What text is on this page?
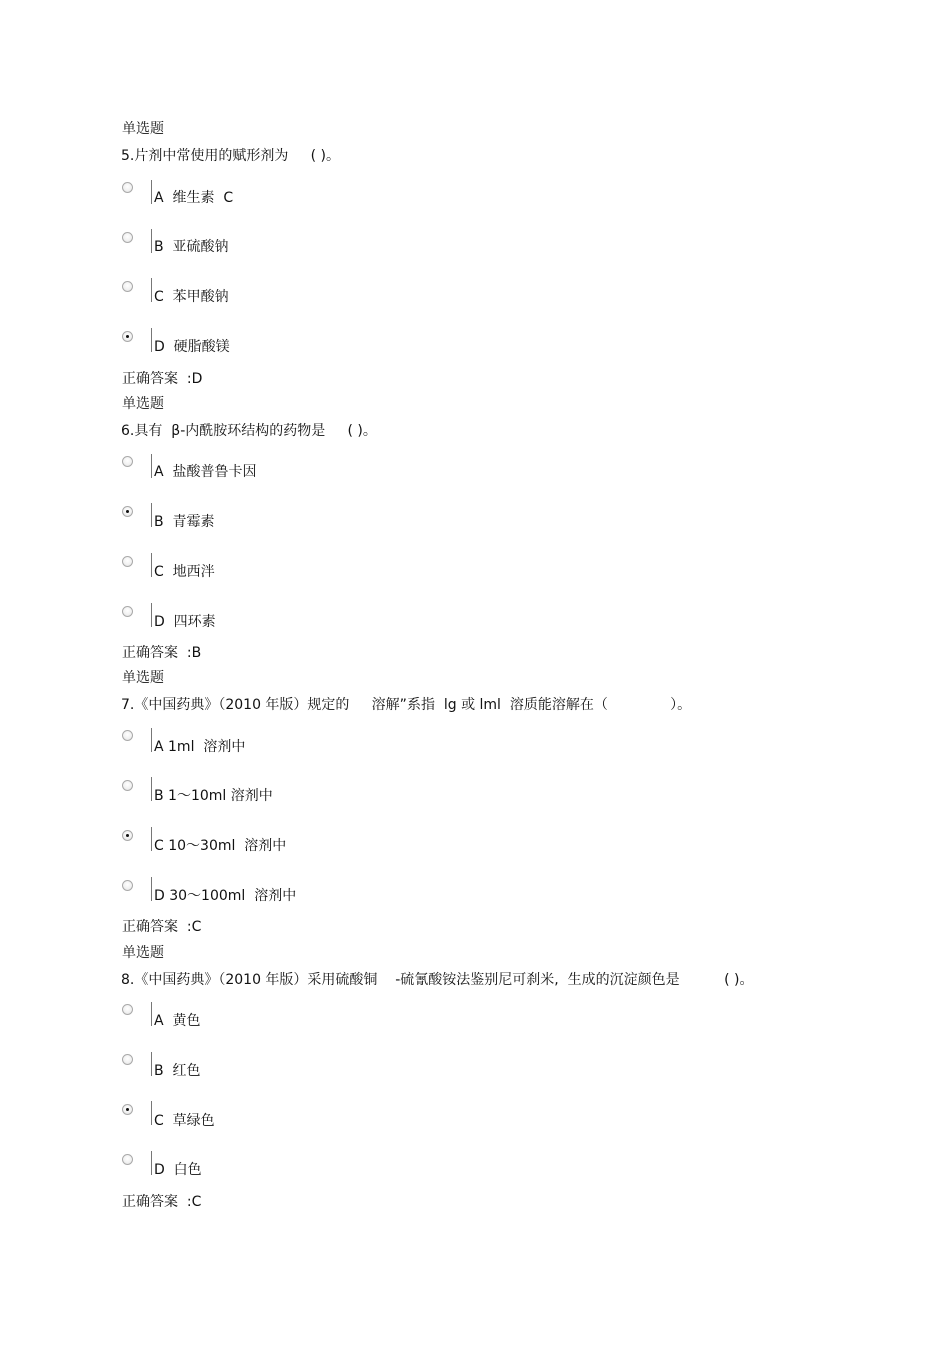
单选题
5.片剂中常使用的赋形剂为     ( )。
A  维生素  C
B  亚硫酸钠
C  苯甲酸钠
D  硬脂酸镁
正确答案  :D
单选题
6.具有  β-内酰胺环结构的药物是     ( )。
A  盐酸普鲁卡因
B  青霉素
C  地西泮
D  四环素
正确答案  :B
单选题
7.《中国药典》（2010 年版）规定的     溶解”系指  lg 或 lml  溶质能溶解在（              ）。
A 1ml  溶剂中
B 1～10ml 溶剂中
C 10～30ml  溶剂中
D 30～100ml  溶剂中
正确答案  :C
单选题
8.《中国药典》（2010 年版）采用硫酸铜    -硫氰酸铵法鉴别尼可刹米,  生成的沉淀颜色是          ( )。
A  黄色
B  红色
C  草绿色
D  白色
正确答案  :C
